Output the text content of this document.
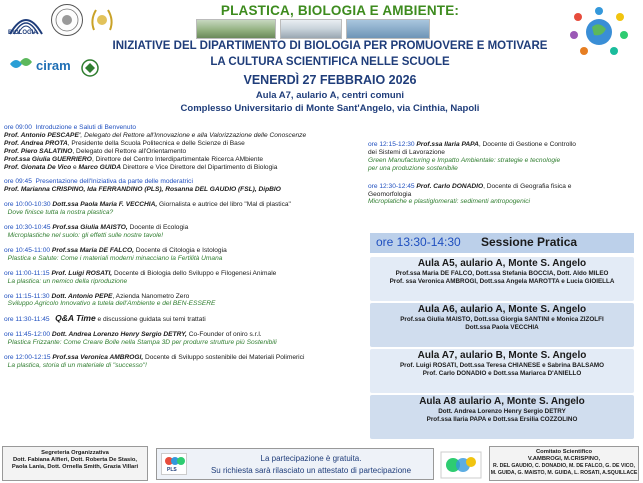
BIOLOGIA
ciram
PLASTICA, BIOLOGIA E AMBIENTE:
INIZIATIVE DEL DIPARTIMENTO DI BIOLOGIA PER PROMUOVERE E MOTIVARE
LA CULTURA SCIENTIFICA NELLE SCUOLE
VENERDÌ 27 FEBBRAIO 2026
Aula A7, aulario A, centri comuni
Complesso Universitario di Monte Sant'Angelo, via Cinthia, Napoli
ore 09:00 Introduzione e Saluti di Benvenuto
Prof. Antonio PESCAPE', Delegato del Rettore all'Innovazione e alla Valorizzazione delle Conoscenze
Prof. Andrea PROTA, Presidente della Scuola Politecnica e delle Scienze di Base
Prof. Piero SALATINO, Delegato del Rettore all'Orientamento
Prof.ssa Giulia GUERRIERO, Direttore del Centro Interdipartimentale Ricerca AMbiente
Prof. Gionata De Vico e Marco GUIDA Direttore e Vice Direttore del Dipartimento di Biologia
ore 09:45 Presentazione dell'Iniziativa da parte delle moderatrici
Prof. Marianna CRISPINO, Ida FERRANDINO (PLS), Rosanna DEL GAUDIO (FSL), DipBIO
ore 10:00-10:30 Dott.ssa Paola Maria F. VECCHIA, Giornalista e autrice del libro "Mal di plastica"
Dove finisce tutta la nostra plastica?
ore 10:30-10:45 Prof.ssa Giulia MAISTO, Docente di Ecologia
Microplastiche nel suolo: gli effetti sulle nostre tavole!
ore 10:45-11:00 Prof.ssa Maria DE FALCO, Docente di Citologia e Istologia
Plastica e Salute: Come i materiali moderni minacciano la Fertilità Umana
ore 11:00-11:15 Prof. Luigi ROSATI, Docente di Biologia dello Sviluppo e Filogenesi Animale
La plastica: un nemico della riproduzione
ore 11:15-11:30 Dott. Antonio PEPE, Azienda Nanometro Zero
Sviluppo Agricolo Innovativo a tutela dell'Ambiente e del BEN-ESSERE
ore 11:30-11:45 Q&A Time e discussione guidata sui temi trattati
ore 11:45-12:00 Dott. Andrea Lorenzo Henry Sergio DETRY, Co-Founder of oniro s.r.l.
Plastica Frizzante: Come Creare Bolle nella Stampa 3D per produrre strutture più Sostenibili
ore 12:00-12:15 Prof.ssa Veronica AMBROGI, Docente di Sviluppo sostenibile dei Materiali Polimerici
La plastica, storia di un materiale di "successo"!
ore 12:15-12:30 Prof.ssa Ilaria PAPA, Docente di Gestione e Controllo
dei Sistemi di Lavorazione
Green Manufacturing e Impatto Ambientale: strategie e tecnologie
per una produzione sostenibile
ore 12:30-12:45 Prof. Carlo DONADIO, Docente di Geografia fisica e
Geomorfologia
Microplatiche e plastiglomerati: sedimenti antropogenici
ore 13:30-14:30 Sessione Pratica
Aula A5, aulario A, Monte S. Angelo
Prof.ssa Maria DE FALCO, Dott.ssa Stefania BOCCIA, Dott. Aldo MILEO
Prof. ssa Veronica AMBROGI, Dott.ssa Angela MAROTTA e Lucia GIOIELLA
Aula A6, aulario A, Monte S. Angelo
Prof.ssa Giulia MAISTO, Dott.ssa Giorgia SANTINI e Monica ZIZOLFI
Dott.ssa Paola VECCHIA
Aula A7, aulario B, Monte S. Angelo
Prof. Luigi ROSATI, Dott.ssa Teresa CHIANESE e Sabrina BALSAMO
Prof. Carlo DONADIO e Dott.ssa Mariarca D'ANIELLO
Aula A8 aulario A, Monte S. Angelo
Dott. Andrea Lorenzo Henry Sergio DETRY
Prof.ssa Ilaria PAPA e Dott.ssa Ersilia COZZOLINO
Segreteria Organizzativa
Dott. Fabiana Alfieri, Dott. Roberta De Stasio,
Paola Lania, Dott. Ornella Smith, Grazia Villari	PLS
La partecipazione è gratuita.
Su richiesta sarà rilasciato un attestato di partecipazione
Comitato Scientifico
V.AMBROGI, M.CRISPINO,
R. DEL GAUDIO, C. DONADIO, M. DE FALCO, G. DE VICO,
M. GUIDA, G. MAISTO, M. GUIDA, L. ROSATI, A.SQUILLACE
